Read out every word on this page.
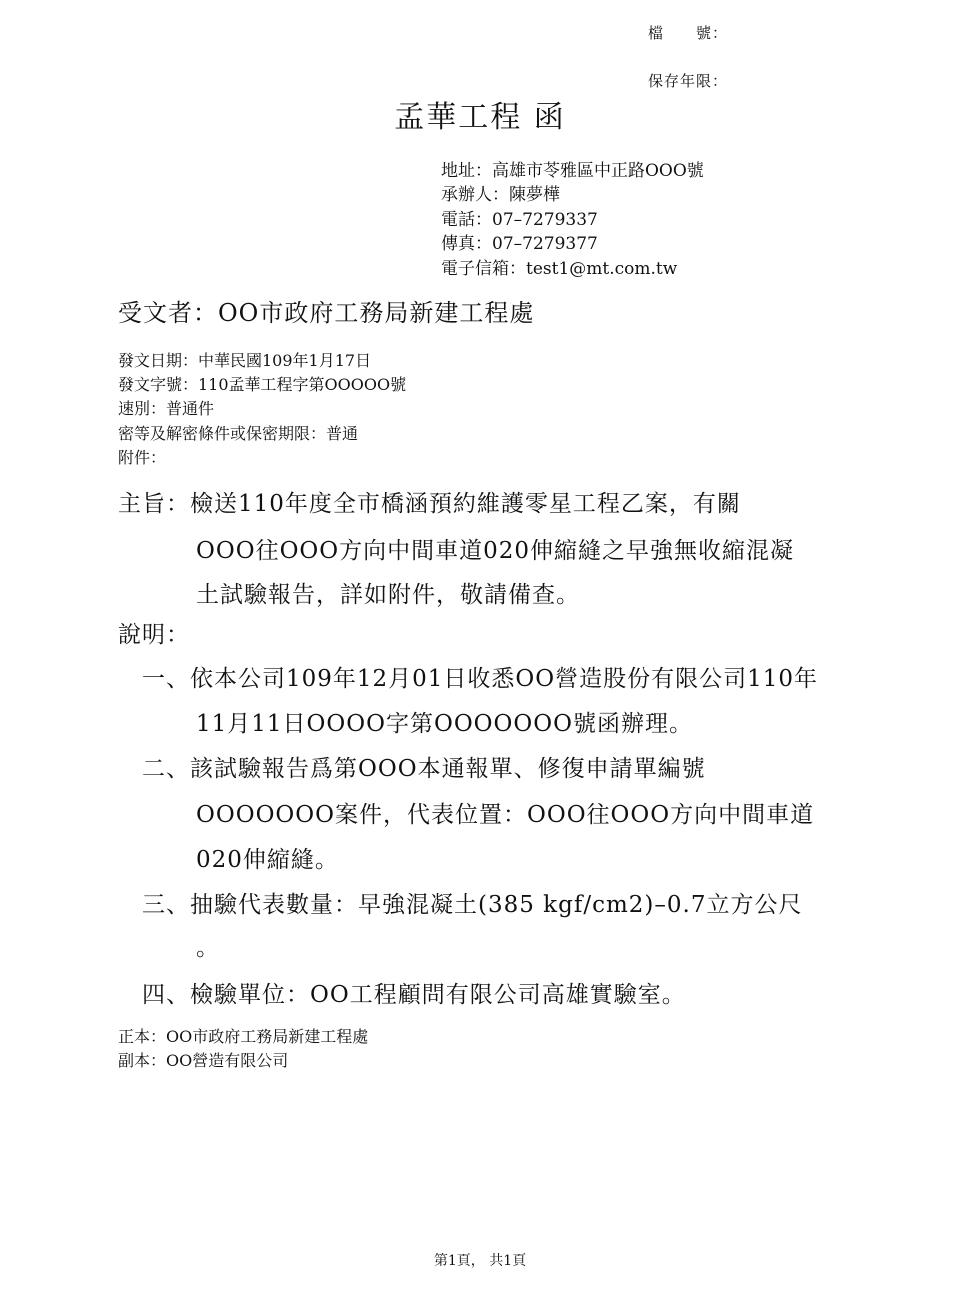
檔　　號：
保存年限：
孟華工程 函
地址：高雄市苓雅區中正路OOO號
承辦人：陳夢樺
電話：07–7279337
傳真：07–7279377
電子信箱：test1@mt.com.tw
受文者：OO市政府工務局新建工程處
發文日期：中華民國109年1月17日
發文字號：110孟華工程字第OOOOO號
速別：普通件
密等及解密條件或保密期限：普通
附件：
主旨：檢送110年度全市橋涵預約維護零星工程乙案，有關
OOO往OOO方向中間車道020伸縮縫之早強無收縮混凝
土試驗報告，詳如附件，敬請備查。
說明：
一、依本公司109年12月01日收悉OO營造股份有限公司110年
11月11日OOOO字第OOOOOOO號函辦理。
二、該試驗報告爲第OOO本通報單、修復申請單編號
OOOOOOO案件，代表位置：OOO往OOO方向中間車道
020伸縮縫。
三、抽驗代表數量：早強混凝土(385 kgf/cm2)–0.7立方公尺
。
四、檢驗單位：OO工程顧問有限公司高雄實驗室。
正本：OO市政府工務局新建工程處
副本：OO營造有限公司
第1頁， 共1頁
